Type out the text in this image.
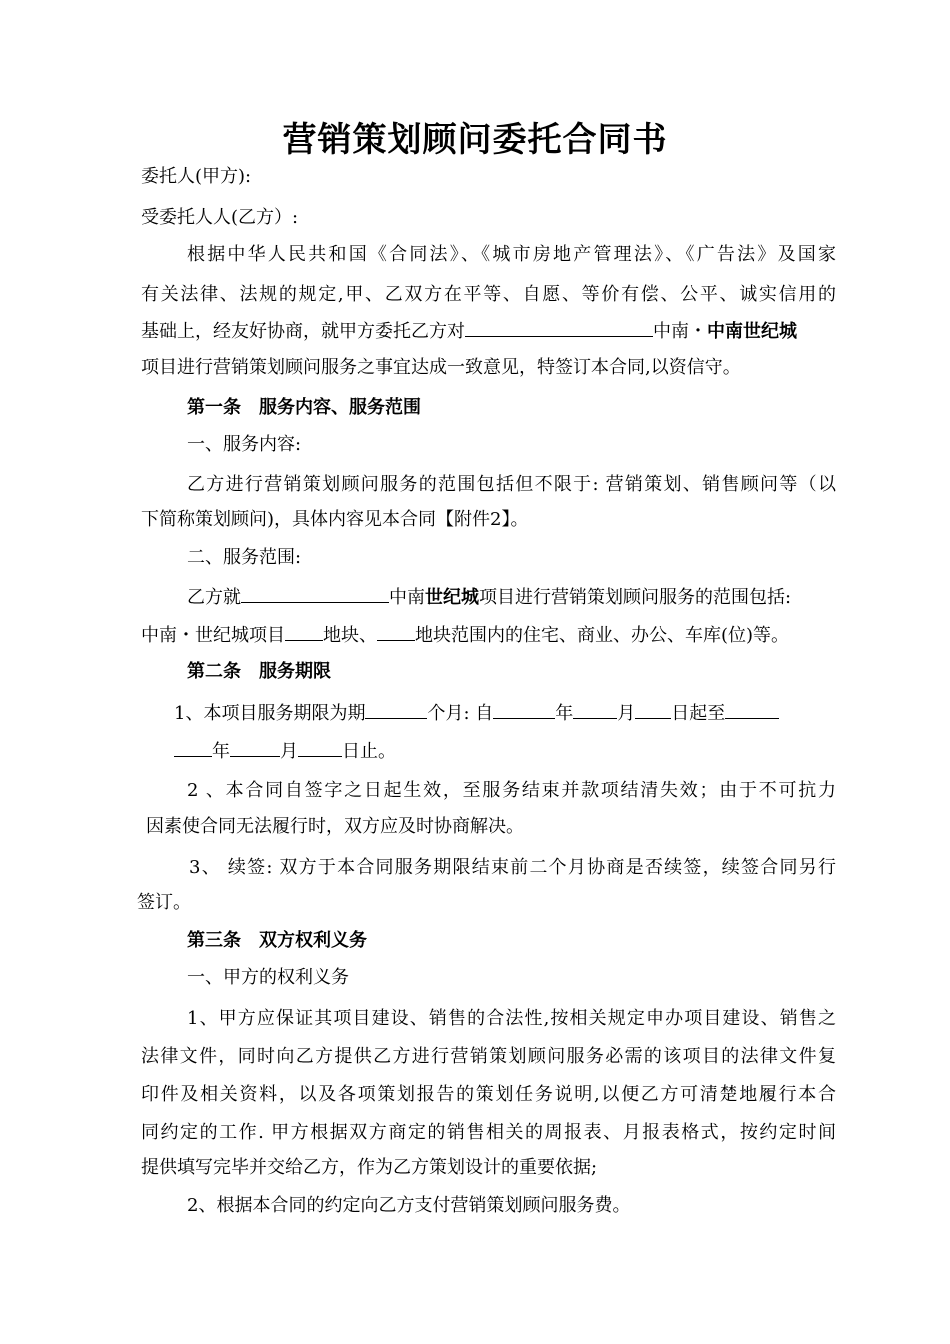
营销策划顾问委托合同书
委托人(甲方):
受委托人人(乙方）:
根据中华人民共和国《合同法》、《城市房地产管理法》、《广告法》及国家
有关法律、法规的规定,甲、乙双方在平等、自愿、等价有偿、公平、诚实信用的
基础上，经友好协商，就甲方委托乙方对	中南・中南世纪城
项目进行营销策划顾问服务之事宜达成一致意见，特签订本合同,以资信守。
第一条　服务内容、服务范围
一、服务内容:
乙方进行营销策划顾问服务的范围包括但不限于: 营销策划、销售顾问等（以
下简称策划顾问)，具体内容见本合同【附件2】。
二、服务范围:
乙方就	中南世纪城项目进行营销策划顾问服务的范围包括:
中南・世纪城项目 地块、 地块范围内的住宅、商业、办公、车库(位)等。
第二条　服务期限
1、本项目服务期限为期	个月: 自	年 月 日起至
年	月 日止。
2 、本合同自签字之日起生效，至服务结束并款项结清失效；由于不可抗力
因素使合同无法履行时，双方应及时协商解决。
3、 续签: 双方于本合同服务期限结束前二个月协商是否续签，续签合同另行
签订。
第三条　双方权利义务
一、甲方的权利义务
1、甲方应保证其项目建设、销售的合法性,按相关规定申办项目建设、销售之
法律文件，同时向乙方提供乙方进行营销策划顾问服务必需的该项目的法律文件复
印件及相关资料，以及各项策划报告的策划任务说明,以便乙方可清楚地履行本合
同约定的工作. 甲方根据双方商定的销售相关的周报表、月报表格式，按约定时间
提供填写完毕并交给乙方，作为乙方策划设计的重要依据;
2、根据本合同的约定向乙方支付营销策划顾问服务费。
